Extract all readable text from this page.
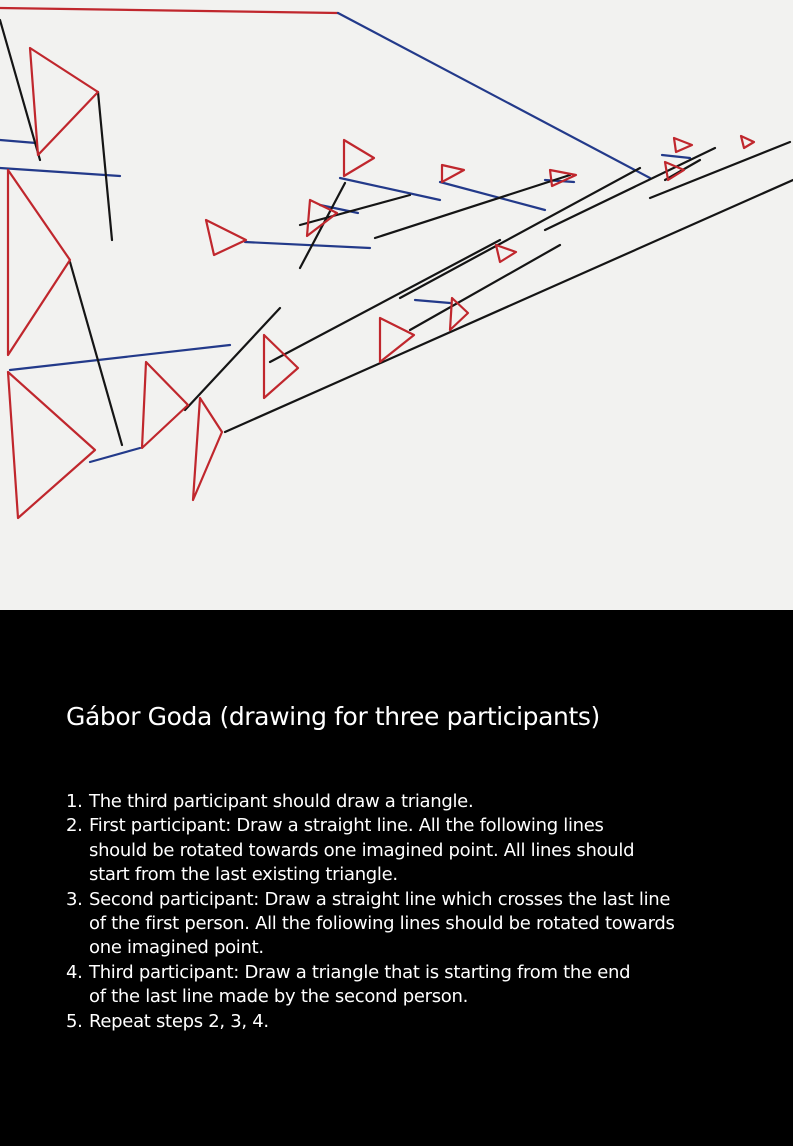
Gábor Goda (drawing for three participants)
1. The third participant should draw a triangle.
2. First participant: Draw a straight line. All the following lines
should be rotated towards one imagined point. All lines should
start from the last existing triangle.
3. Second participant: Draw a straight line which crosses the last line
of the first person. All the foliowing lines should be rotated towards
one imagined point.
4. Third participant: Draw a triangle that is starting from the end
of the last line made by the second person.
5. Repeat steps 2, 3, 4.
